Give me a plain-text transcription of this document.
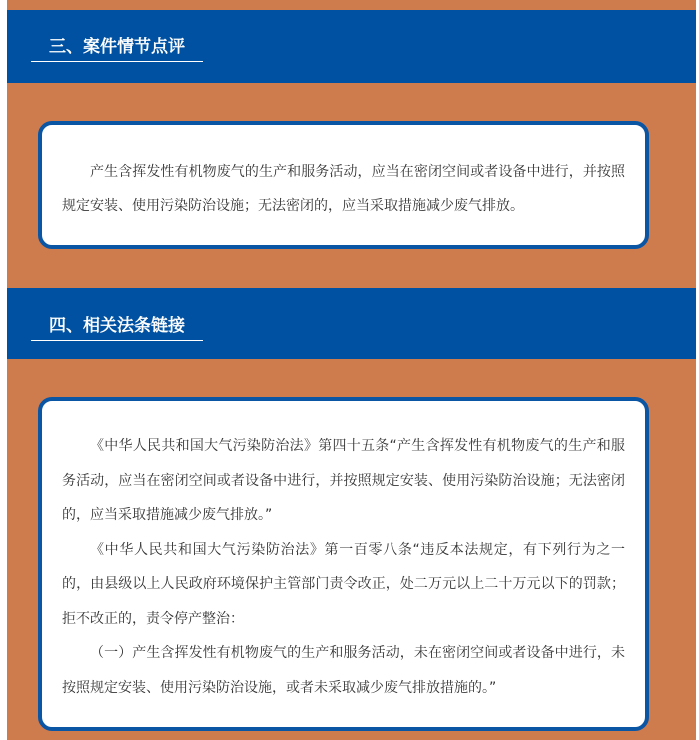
三、案件情节点评

产生含挥发性有机物废气的生产和服务活动，应当在密闭空间或者设备中进行，并按照规定安装、使用污染防治设施；无法密闭的，应当采取措施减少废气排放。

四、相关法条链接

《中华人民共和国大气污染防治法》第四十五条“产生含挥发性有机物废气的生产和服务活动，应当在密闭空间或者设备中进行，并按照规定安装、使用污染防治设施；无法密闭的，应当采取措施减少废气排放。”

《中华人民共和国大气污染防治法》第一百零八条“违反本法规定，有下列行为之一的，由县级以上人民政府环境保护主管部门责令改正，处二万元以上二十万元以下的罚款；拒不改正的，责令停产整治：

（一）产生含挥发性有机物废气的生产和服务活动，未在密闭空间或者设备中进行，未按照规定安装、使用污染防治设施，或者未采取减少废气排放措施的。”
